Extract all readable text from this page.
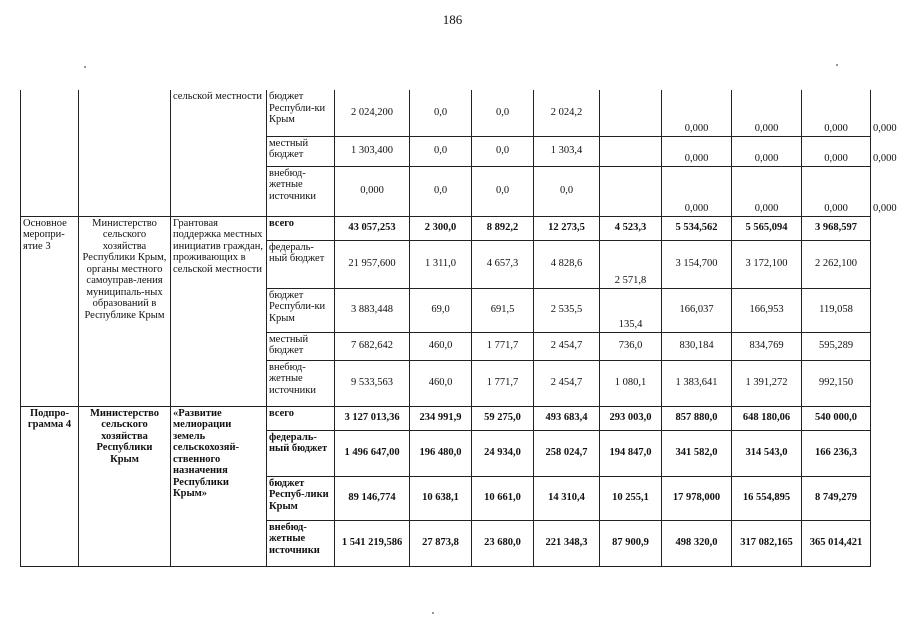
186
		сельской местности	бюджет Республи-ки Крым	2 024,200	0,0	0,0	2 024,2		0,000	0,000	0,000	0,000
			местный бюджет	1 303,400	0,0	0,0	1 303,4		0,000	0,000	0,000	0,000
			внебюд-жетные источники	0,000	0,0	0,0	0,0		0,000	0,000	0,000	0,000
Основное меропри-ятие 3	Министерство сельского хозяйства Республики Крым, органы местного самоуправ-ления муниципаль-ных образований в Республике Крым	Грантовая поддержка местных инициатив граждан, проживающих в сельской местности	всего	43 057,253	2 300,0	8 892,2	12 273,5	4 523,3	5 534,562	5 565,094	3 968,597	
			федераль-ный бюджет	21 957,600	1 311,0	4 657,3	4 828,6	2 571,8	3 154,700	3 172,100	2 262,100	
			бюджет Республи-ки Крым	3 883,448	69,0	691,5	2 535,5	135,4	166,037	166,953	119,058	
			местный бюджет	7 682,642	460,0	1 771,7	2 454,7	736,0	830,184	834,769	595,289	
			внебюд-жетные источники	9 533,563	460,0	1 771,7	2 454,7	1 080,1	1 383,641	1 391,272	992,150	
Подпро-грамма 4	Министерство сельского хозяйства Республики Крым	«Развитие мелиорации земель сельскохозяй-ственного назначения Республики Крым»	всего	3 127 013,36	234 991,9	59 275,0	493 683,4	293 003,0	857 880,0	648 180,06	540 000,0	
			федераль-ный бюджет	1 496 647,00	196 480,0	24 934,0	258 024,7	194 847,0	341 582,0	314 543,0	166 236,3	
			бюджет Респуб-лики Крым	89 146,774	10 638,1	10 661,0	14 310,4	10 255,1	17 978,000	16 554,895	8 749,279	
			внебюд-жетные источники	1 541 219,586	27 873,8	23 680,0	221 348,3	87 900,9	498 320,0	317 082,165	365 014,421	
